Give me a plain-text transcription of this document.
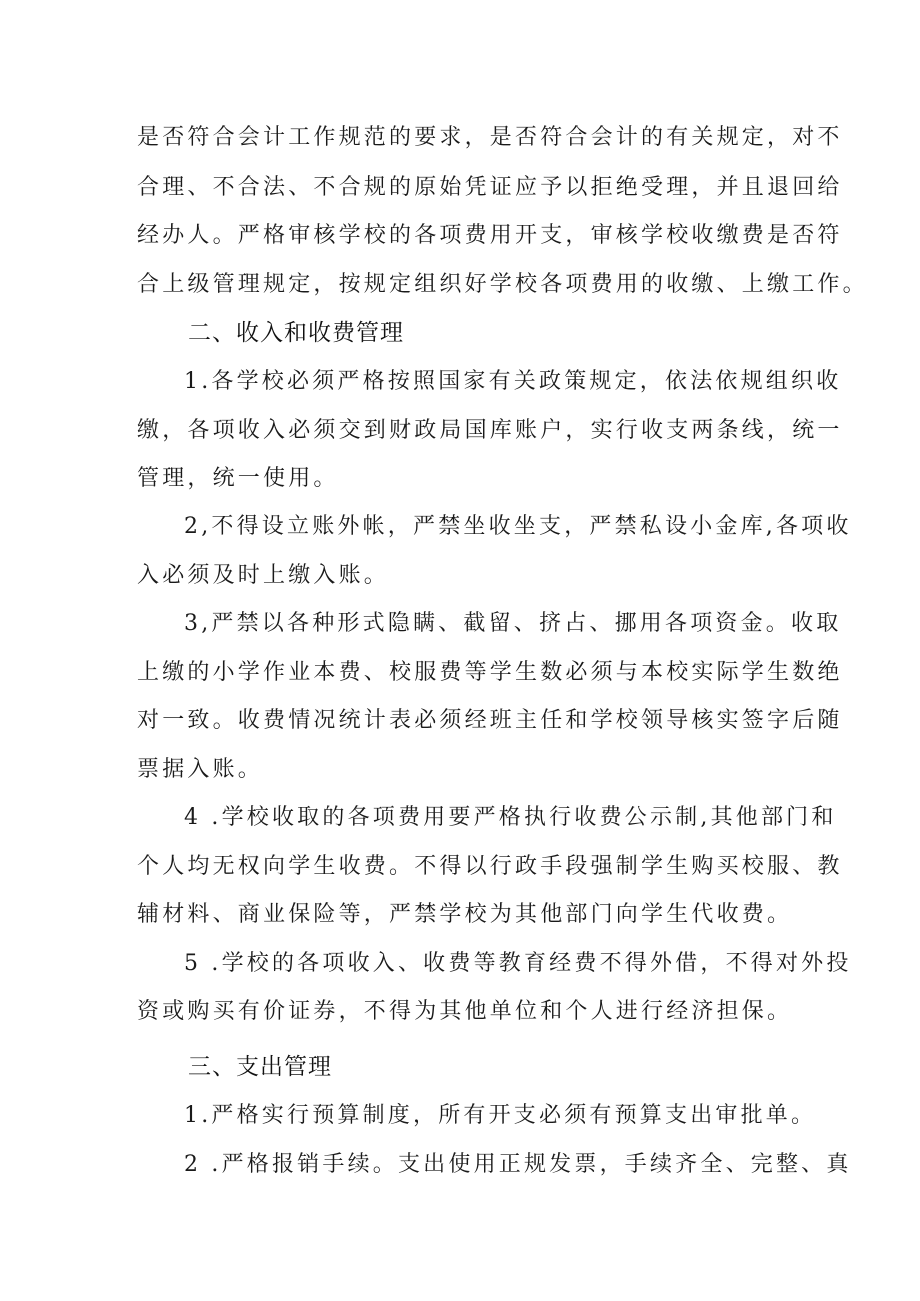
是否符合会计工作规范的要求，是否符合会计的有关规定，对不
合理、不合法、不合规的原始凭证应予以拒绝受理，并且退回给
经办人。严格审核学校的各项费用开支，审核学校收缴费是否符
合上级管理规定，按规定组织好学校各项费用的收缴、上缴工作。
二、收入和收费管理
1.各学校必须严格按照国家有关政策规定，依法依规组织收
缴，各项收入必须交到财政局国库账户，实行收支两条线，统一
管理，统一使用。
2,不得设立账外帐，严禁坐收坐支，严禁私设小金库,各项收
入必须及时上缴入账。
3,严禁以各种形式隐瞒、截留、挤占、挪用各项资金。收取
上缴的小学作业本费、校服费等学生数必须与本校实际学生数绝
对一致。收费情况统计表必须经班主任和学校领导核实签字后随
票据入账。
4 .学校收取的各项费用要严格执行收费公示制,其他部门和
个人均无权向学生收费。不得以行政手段强制学生购买校服、教
辅材料、商业保险等，严禁学校为其他部门向学生代收费。
5 .学校的各项收入、收费等教育经费不得外借，不得对外投
资或购买有价证券，不得为其他单位和个人进行经济担保。
三、支出管理
1.严格实行预算制度，所有开支必须有预算支出审批单。
2 .严格报销手续。支出使用正规发票，手续齐全、完整、真
